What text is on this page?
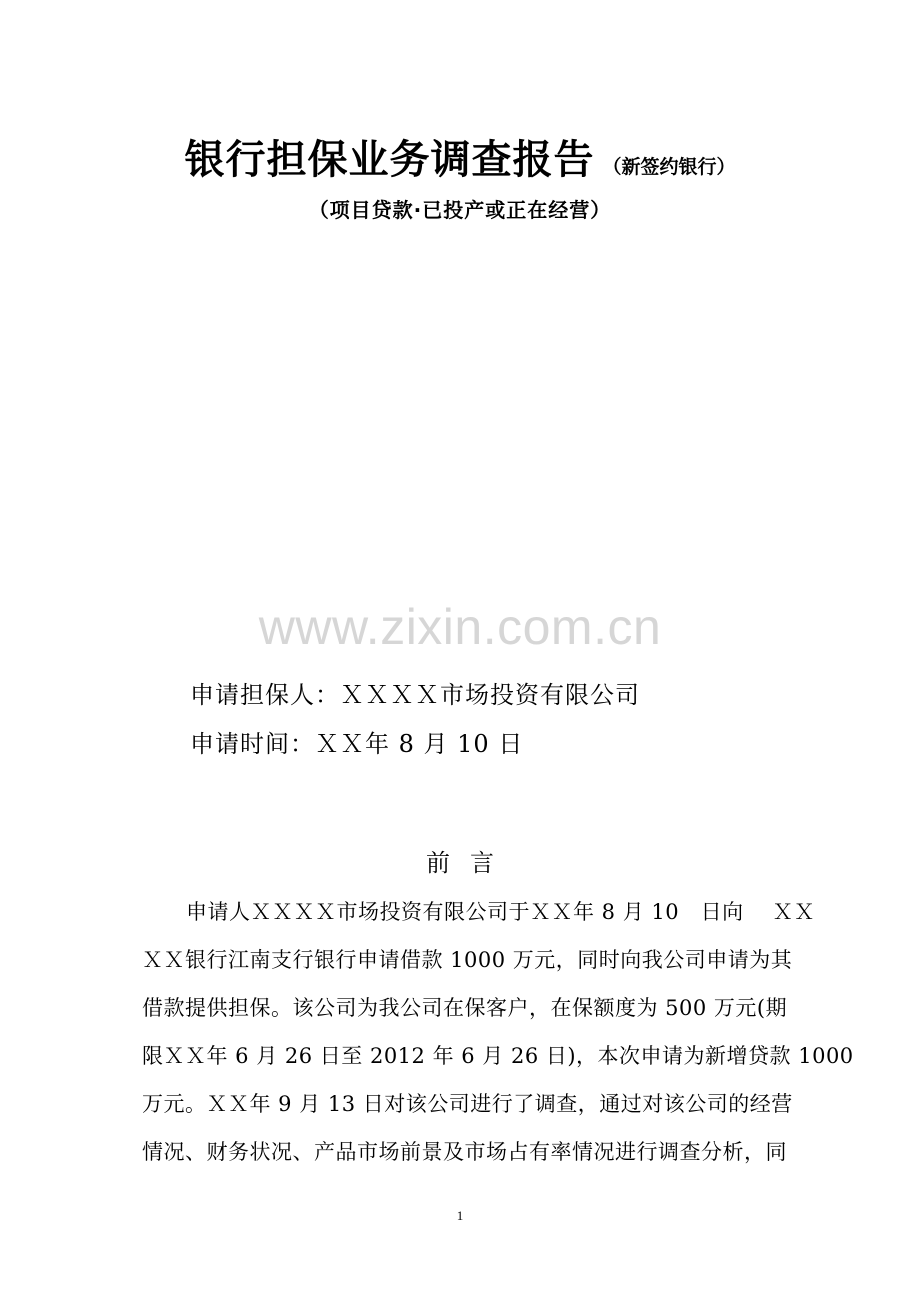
银行担保业务调查报告 （新签约银行）
（项目贷款·已投产或正在经营）
www.zixin.com.cn
申请担保人：ＸＸＸＸ市场投资有限公司
申请时间：ＸＸ年 8 月 10 日
前言
申请人ＸＸＸＸ市场投资有限公司于ＸＸ年 8 月 10　日向　 ＸＸ
ＸＸ银行江南支行银行申请借款 1000 万元，同时向我公司申请为其
借款提供担保。该公司为我公司在保客户，在保额度为 500 万元(期
限ＸＸ年 6 月 26 日至 2012 年 6 月 26 日)，本次申请为新增贷款 1000
万元。ＸＸ年 9 月 13 日对该公司进行了调查，通过对该公司的经营
情况、财务状况、产品市场前景及市场占有率情况进行调查分析，同
1
